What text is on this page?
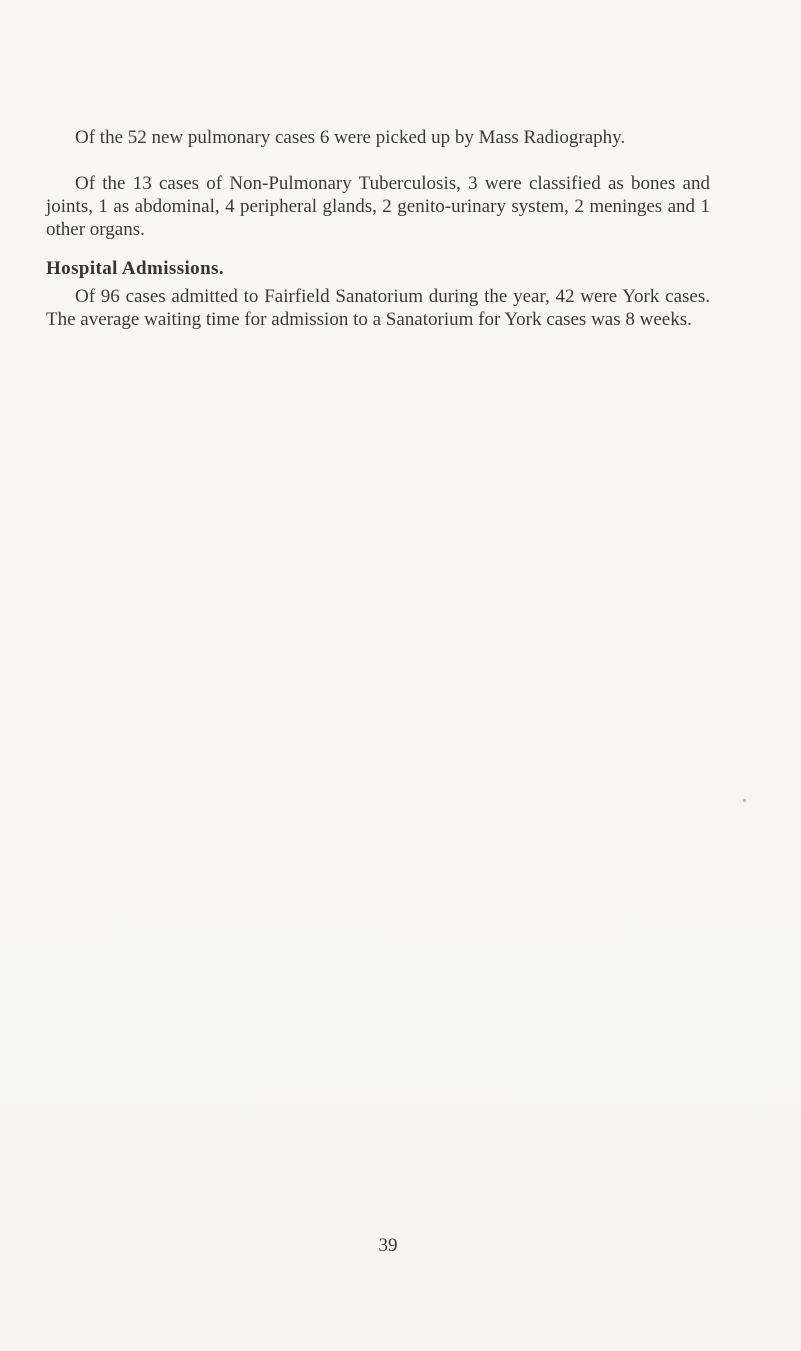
Of the 52 new pulmonary cases 6 were picked up by Mass Radiography.
Of the 13 cases of Non-Pulmonary Tuberculosis, 3 were classified as bones and joints, 1 as abdominal, 4 peripheral glands, 2 genito-urinary system, 2 meninges and 1 other organs.
Hospital Admissions.
Of 96 cases admitted to Fairfield Sanatorium during the year, 42 were York cases. The average waiting time for admission to a Sanatorium for York cases was 8 weeks.
39
